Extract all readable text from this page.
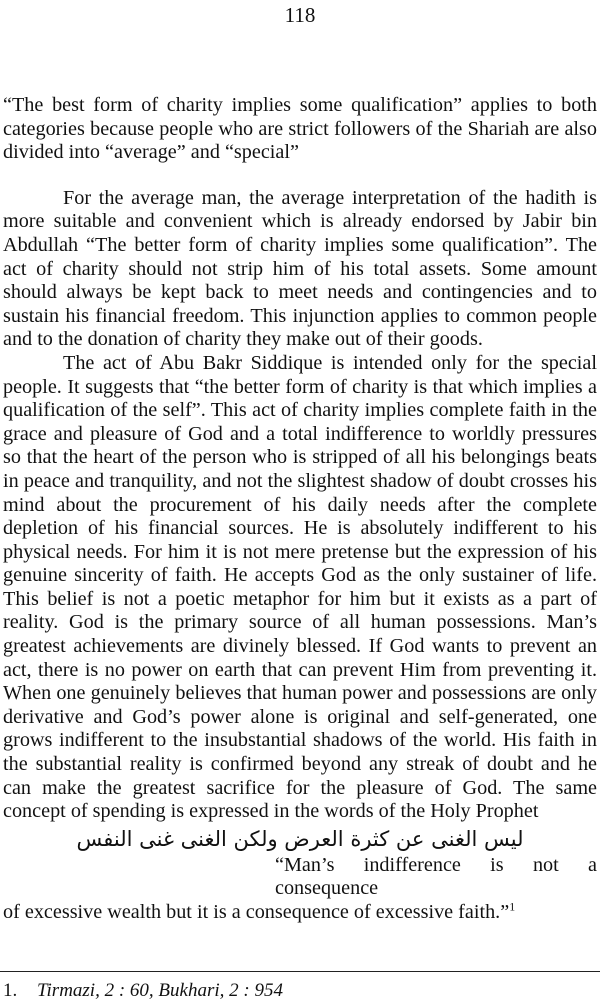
118

“The best form of charity implies some qualification” applies to both categories because people who are strict followers of the Shariah are also divided into “average” and “special”

For the average man, the average interpretation of the hadith is more suitable and convenient which is already endorsed by Jabir bin Abdullah “The better form of charity implies some qualification”. The act of charity should not strip him of his total assets. Some amount should always be kept back to meet needs and contingencies and to sustain his financial freedom. This injunction applies to common people and to the donation of charity they make out of their goods.

The act of Abu Bakr Siddique is intended only for the special people. It suggests that “the better form of charity is that which implies a qualification of the self”. This act of charity implies complete faith in the grace and pleasure of God and a total indifference to worldly pressures so that the heart of the person who is stripped of all his belongings beats in peace and tranquility, and not the slightest shadow of doubt crosses his mind about the procurement of his daily needs after the complete depletion of his financial sources. He is absolutely indifferent to his physical needs. For him it is not mere pretense but the expression of his genuine sincerity of faith. He accepts God as the only sustainer of life. This belief is not a poetic metaphor for him but it exists as a part of reality. God is the primary source of all human possessions. Man’s greatest achievements are divinely blessed. If God wants to prevent an act, there is no power on earth that can prevent Him from preventing it. When one genuinely believes that human power and possessions are only derivative and God’s power alone is original and self-generated, one grows indifferent to the insubstantial shadows of the world. His faith in the substantial reality is confirmed beyond any streak of doubt and he can make the greatest sacrifice for the pleasure of God. The same concept of spending is expressed in the words of the Holy Prophet

ليس الغنى عن كثرة العرض ولكن الغنى غنى النفس

“Man’s indifference is not a consequence
of excessive wealth but it is a consequence of excessive faith.”$^1$

1. Tirmazi, 2 : 60, Bukhari, 2 : 954
